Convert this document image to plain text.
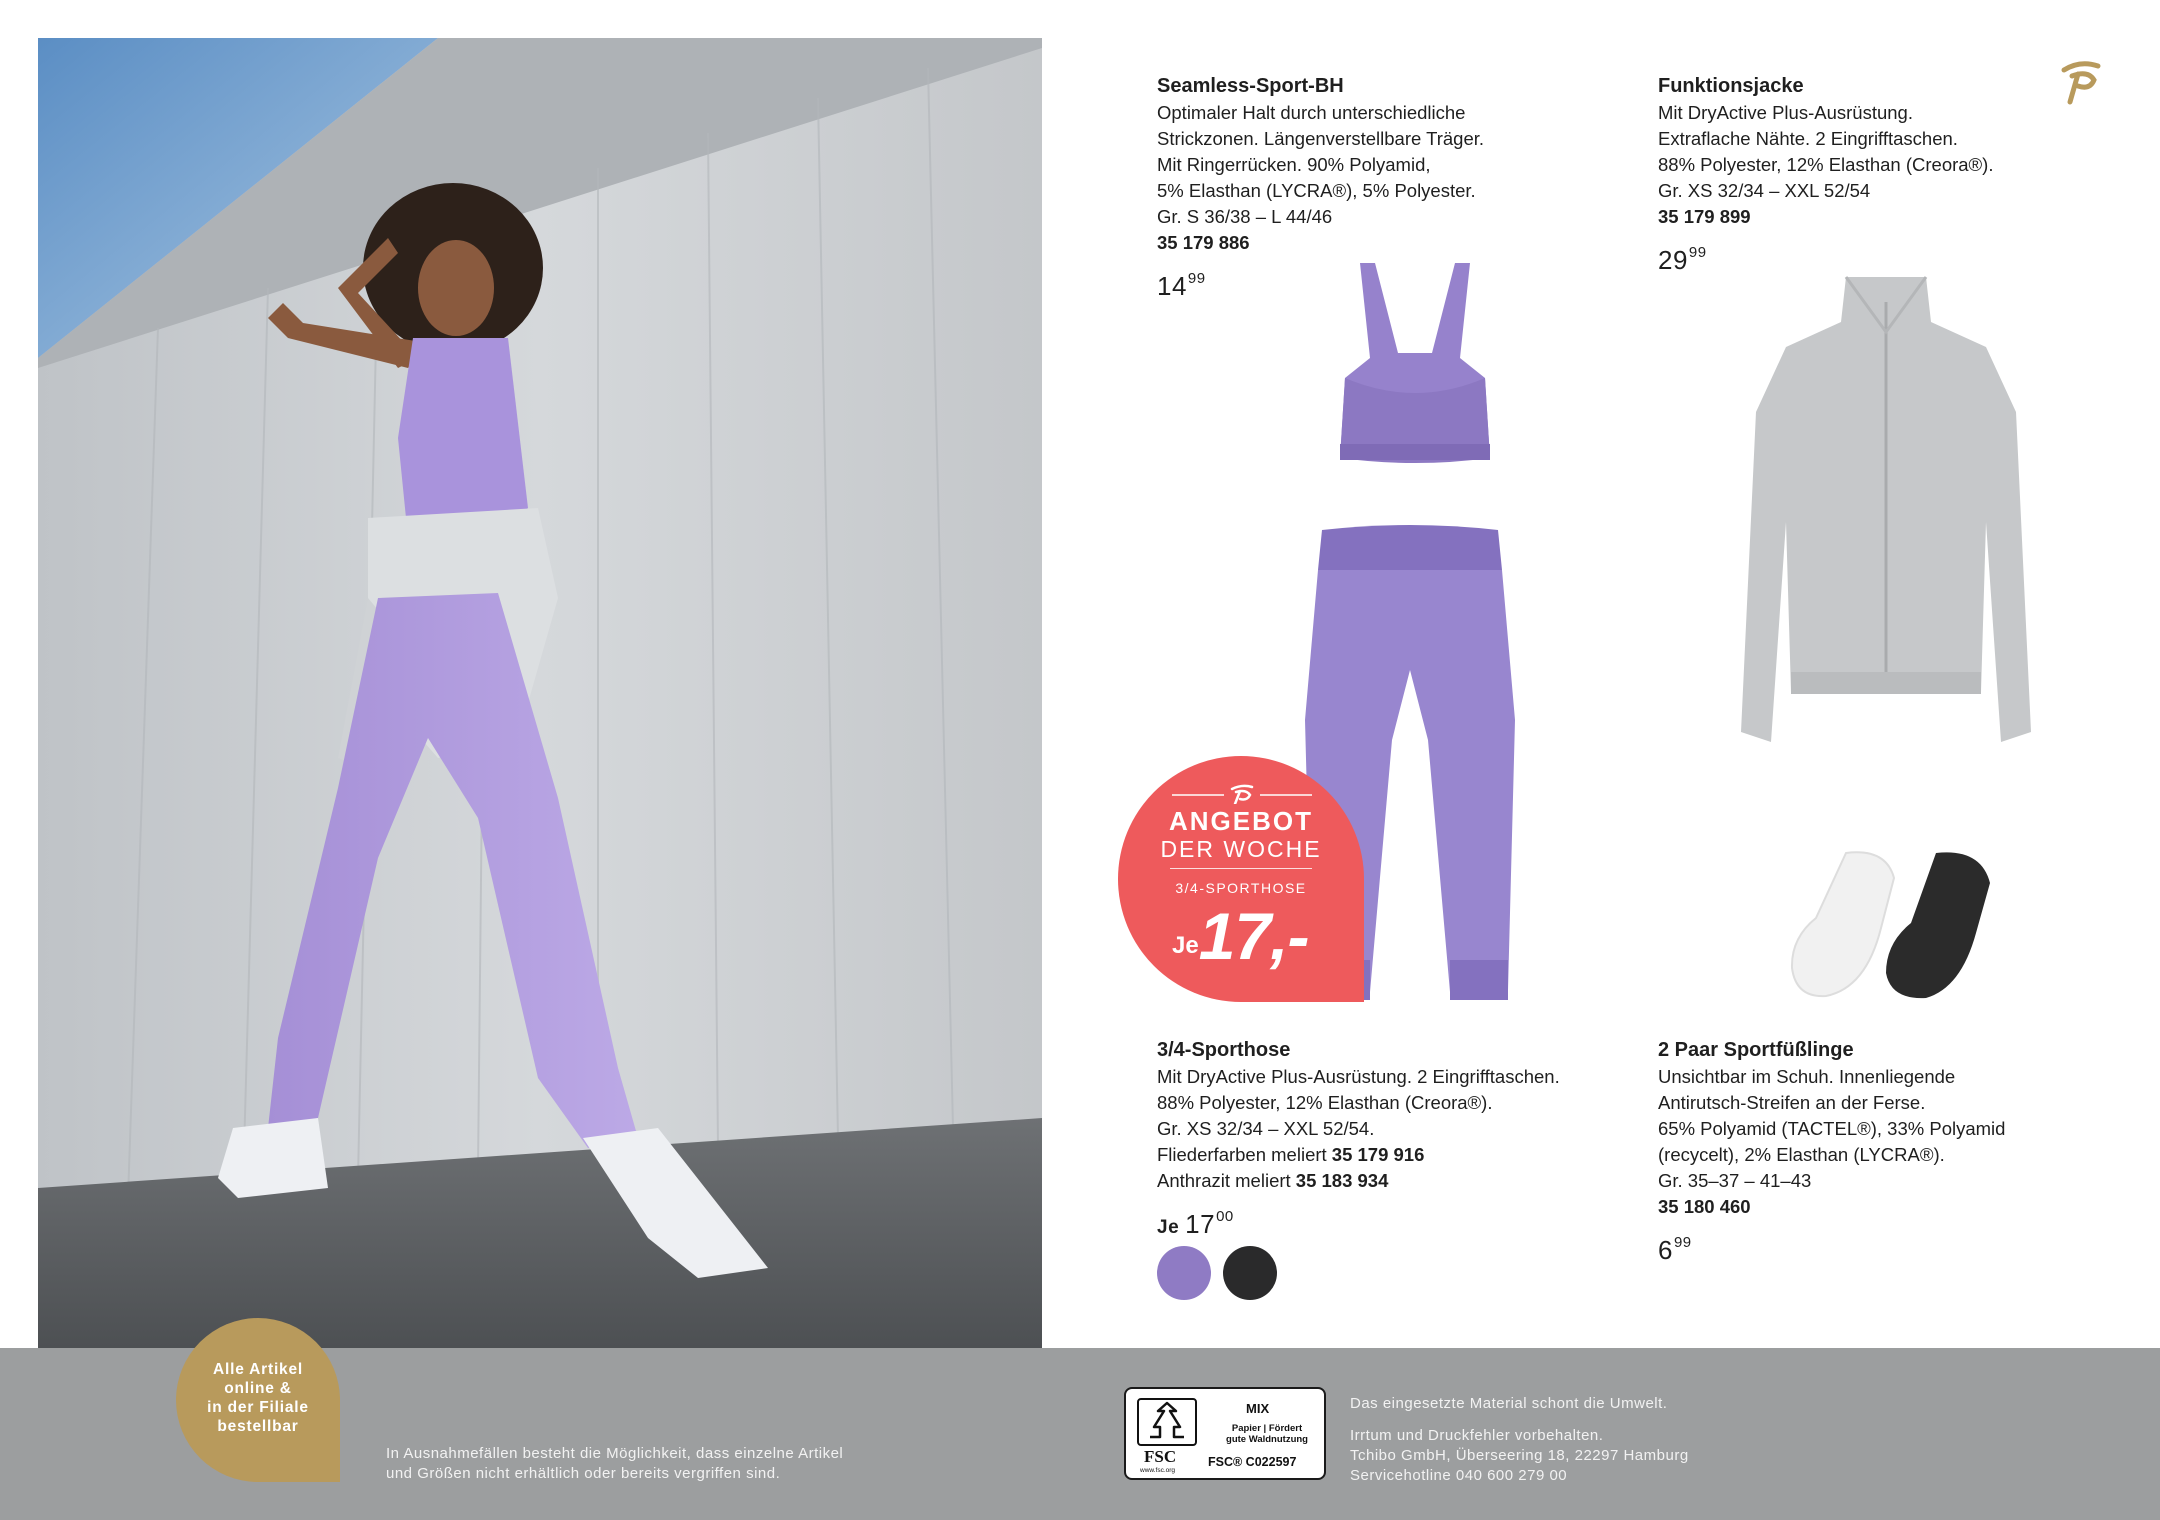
Seamless-Sport-BH
Optimaler Halt durch unterschiedliche
Strickzonen. Längenverstellbare Träger.
Mit Ringerrücken. 90% Polyamid,
5% Elasthan (LYCRA®), 5% Polyester.
Gr. S 36/38 – L 44/46
35 179 886
$14^{99}$
Funktionsjacke
Mit DryActive Plus-Ausrüstung.
Extraflache Nähte. 2 Eingrifftaschen.
88% Polyester, 12% Elasthan (Creora®).
Gr. XS 32/34 – XXL 52/54
35 179 899
$29^{99}$
ANGEBOT
DER WOCHE
3/4-SPORTHOSE
Je17,-
3/4-Sporthose
Mit DryActive Plus-Ausrüstung. 2 Eingrifftaschen.
88% Polyester, 12% Elasthan (Creora®).
Gr. XS 32/34 – XXL 52/54.
Fliederfarben meliert 35 179 916
Anthrazit meliert 35 183 934
Je $17^{00}$
2 Paar Sportfüßlinge
Unsichtbar im Schuh. Innenliegende
Antirutsch-Streifen an der Ferse.
65% Polyamid (TACTEL®), 33% Polyamid
(recycelt), 2% Elasthan (LYCRA®).
Gr. 35–37 – 41–43
35 180 460
$6^{99}$
Alle Artikel
online &
in der Filiale
bestellbar
In Ausnahmefällen besteht die Möglichkeit, dass einzelne Artikel
und Größen nicht erhältlich oder bereits vergriffen sind.
FSC
www.fsc.org
MIX
Papier | Fördert
gute Waldnutzung
FSC® C022597
Das eingesetzte Material schont die Umwelt.
Irrtum und Druckfehler vorbehalten.
Tchibo GmbH, Überseering 18, 22297 Hamburg
Servicehotline 040 600 279 00
